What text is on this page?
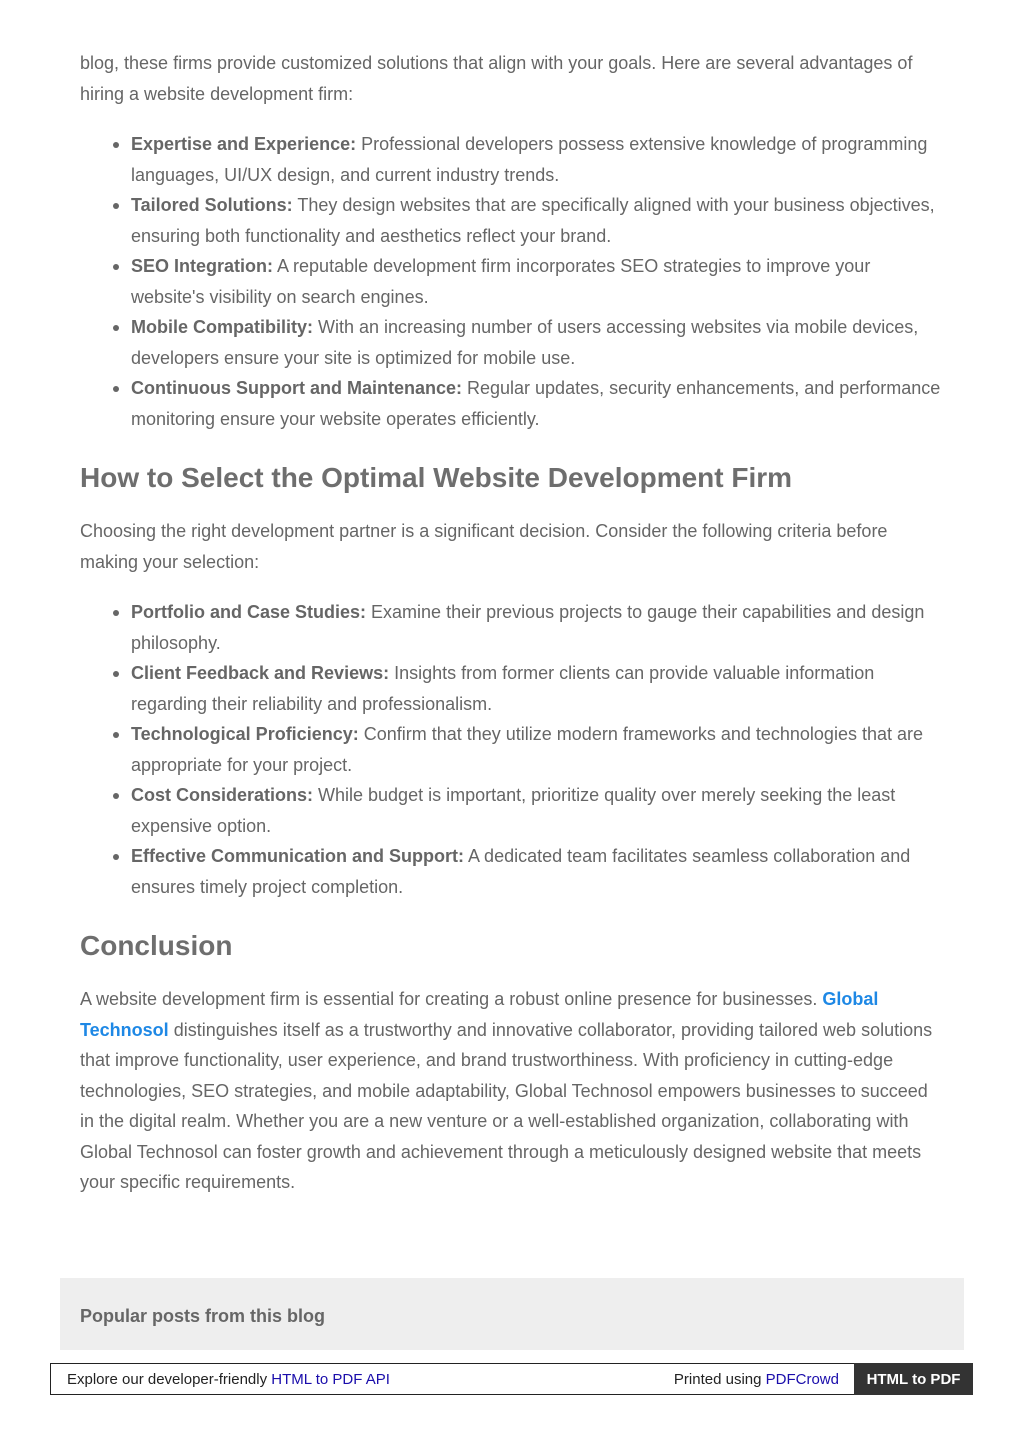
blog, these firms provide customized solutions that align with your goals. Here are several advantages of hiring a website development firm:

Expertise and Experience: Professional developers possess extensive knowledge of programming languages, UI/UX design, and current industry trends.
Tailored Solutions: They design websites that are specifically aligned with your business objectives, ensuring both functionality and aesthetics reflect your brand.
SEO Integration: A reputable development firm incorporates SEO strategies to improve your website's visibility on search engines.
Mobile Compatibility: With an increasing number of users accessing websites via mobile devices, developers ensure your site is optimized for mobile use.
Continuous Support and Maintenance: Regular updates, security enhancements, and performance monitoring ensure your website operates efficiently.
How to Select the Optimal Website Development Firm

Choosing the right development partner is a significant decision. Consider the following criteria before making your selection:

Portfolio and Case Studies: Examine their previous projects to gauge their capabilities and design philosophy.
Client Feedback and Reviews: Insights from former clients can provide valuable information regarding their reliability and professionalism.
Technological Proficiency: Confirm that they utilize modern frameworks and technologies that are appropriate for your project.
Cost Considerations: While budget is important, prioritize quality over merely seeking the least expensive option.
Effective Communication and Support: A dedicated team facilitates seamless collaboration and ensures timely project completion.
Conclusion

A website development firm is essential for creating a robust online presence for businesses. Global Technosol distinguishes itself as a trustworthy and innovative collaborator, providing tailored web solutions that improve functionality, user experience, and brand trustworthiness. With proficiency in cutting-edge technologies, SEO strategies, and mobile adaptability, Global Technosol empowers businesses to succeed in the digital realm. Whether you are a new venture or a well-established organization, collaborating with Global Technosol can foster growth and achievement through a meticulously designed website that meets your specific requirements.

Popular posts from this blog
Explore our developer-friendly HTML to PDF API	Printed using PDFCrowd	HTML to PDF
